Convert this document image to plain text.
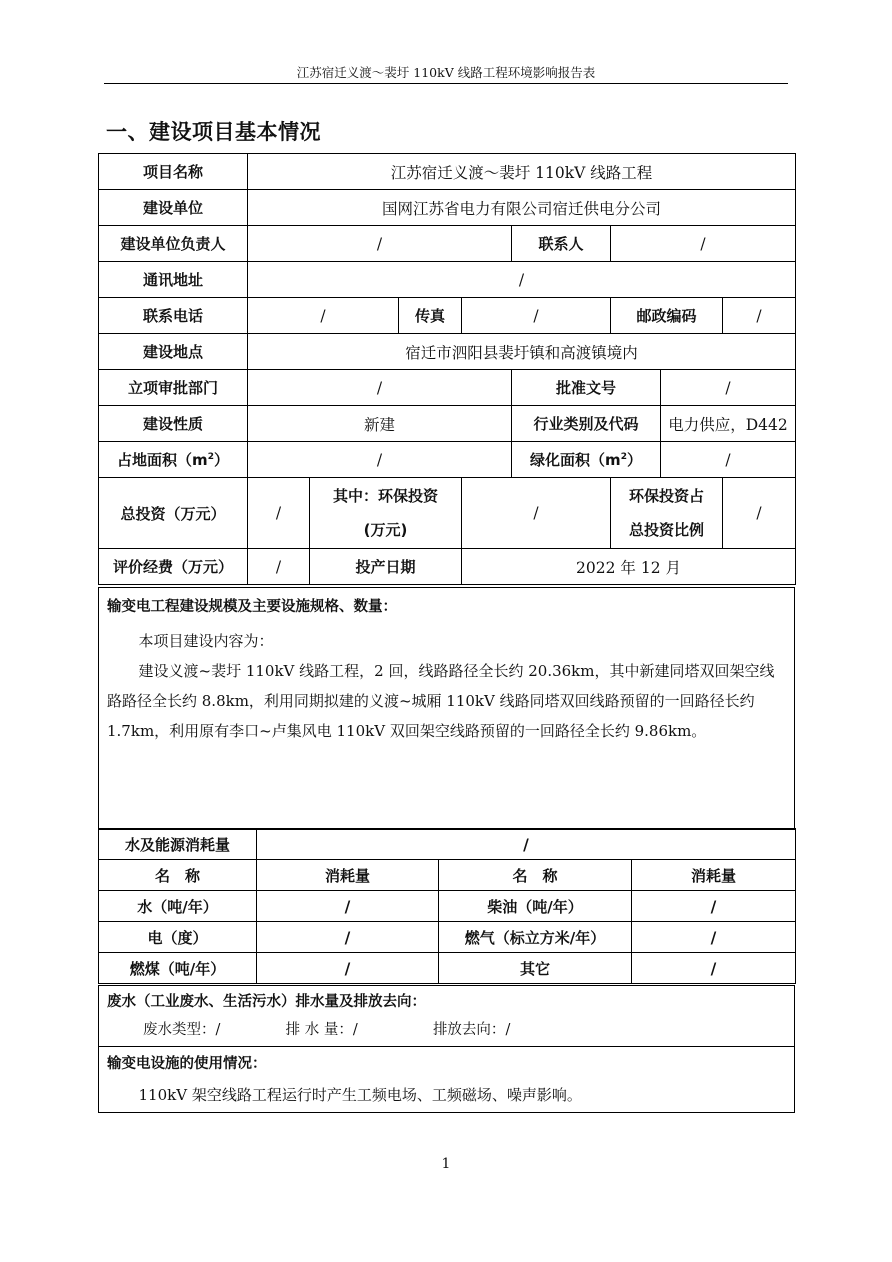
江苏宿迁义渡～裴圩 110kV 线路工程环境影响报告表
一、建设项目基本情况
项目名称	江苏宿迁义渡～裴圩 110kV 线路工程							
建设单位	国网江苏省电力有限公司宿迁供电分公司							
建设单位负责人	/				联系人	/		
通讯地址	/							
联系电话	/		传真	/		邮政编码		/
建设地点	宿迁市泗阳县裴圩镇和高渡镇境内							
立项审批部门	/				批准文号		/	
建设性质	新建				行业类别及代码		电力供应，D442	
占地面积$(m^2)$	/				绿化面积$(m^2)$		/	
总投资（万元）	/	其中：环保投资
(万元)		/		环保投资占
总投资比例		/
评价经费（万元）	/	投产日期		2022 年 12 月				
输变电工程建设规模及主要设施规格、数量：

本项目建设内容为：

建设义渡~裴圩 110kV 线路工程，2 回，线路路径全长约 20.36km，其中新建同塔双回架空线路路径全长约 8.8km，利用同期拟建的义渡~城厢 110kV 线路同塔双回线路预留的一回路径长约 1.7km，利用原有李口~卢集风电 110kV 双回架空线路预留的一回路径全长约 9.86km。

水及能源消耗量	/		
名　称	消耗量	名　称	消耗量
水（吨/年）	/	柴油（吨/年）	/
电（度）	/	燃气（标立方米/年）	/
燃煤（吨/年）	/	其它	/
废水（工业废水、生活污水）排水量及排放去向：
废水类型：/	排 水 量：/	排放去向：/

输变电设施的使用情况：

110kV 架空线路工程运行时产生工频电场、工频磁场、噪声影响。

1
